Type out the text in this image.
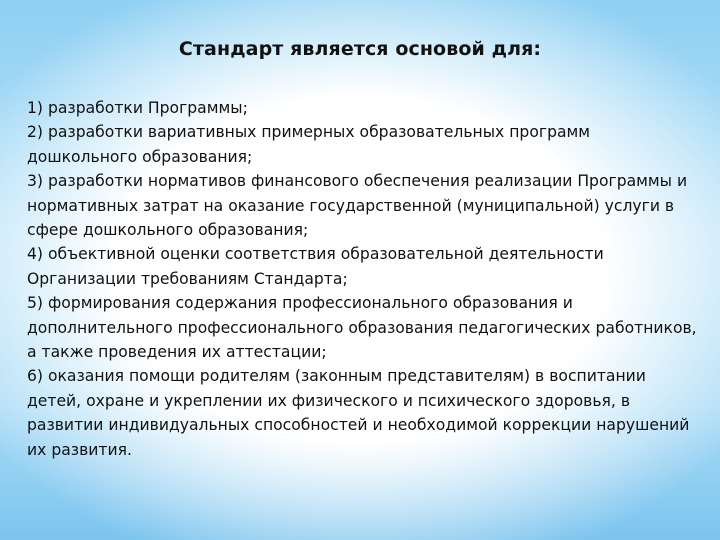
Стандарт является основой для:

1) разработки Программы;

2) разработки вариативных примерных образовательных программ дошкольного образования;

3) разработки нормативов финансового обеспечения реализации Программы и нормативных затрат на оказание государственной (муниципальной) услуги в сфере дошкольного образования;

4) объективной оценки соответствия образовательной деятельности Организации требованиям Стандарта;

5) формирования содержания профессионального образования и дополнительного профессионального образования педагогических работников, а также проведения их аттестации;

6) оказания помощи родителям (законным представителям) в воспитании детей, охране и укреплении их физического и психического здоровья, в развитии индивидуальных способностей и необходимой коррекции нарушений их развития.
